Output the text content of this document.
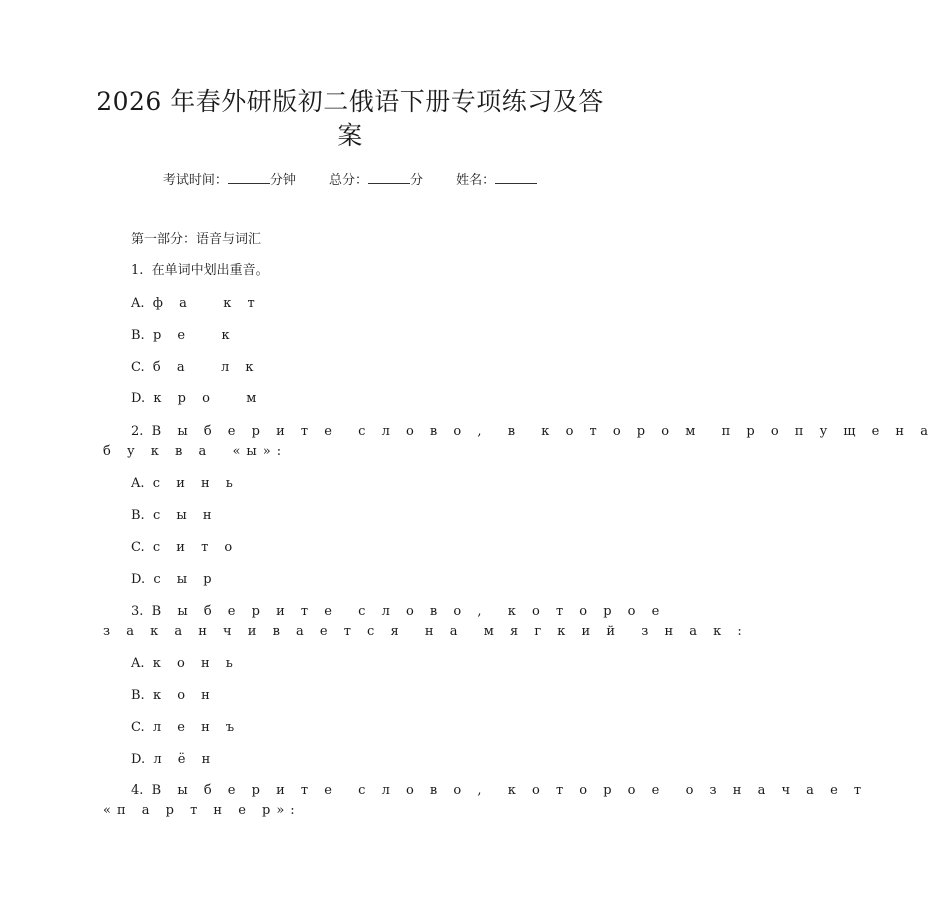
2026 年春外研版初二俄语下册专项练习及答
案
考试时间：	分钟	总分：	分	姓名：
第一部分：语音与词汇
1. 在单词中划出重音。
A. ф а   к т
B. р е   к
C. б а   л к
D. к р о   м
2. В ы б е р и т е  с л о в о ,  в  к о т о р о м  п р о п у щ е н а
б у к в а  «ы»:
A. с и н ь
B. с ы н
C. с и т о
D. с ы р
3. В ы б е р и т е  с л о в о ,  к о т о р о е
з а к а н ч и в а е т с я  н а  м я г к и й  з н а к :
A. к о н ь
B. к о н
C. л е н ъ
D. л ё н
4. В ы б е р и т е  с л о в о ,  к о т о р о е  о з н а ч а е т
«п а р т н е р»:
